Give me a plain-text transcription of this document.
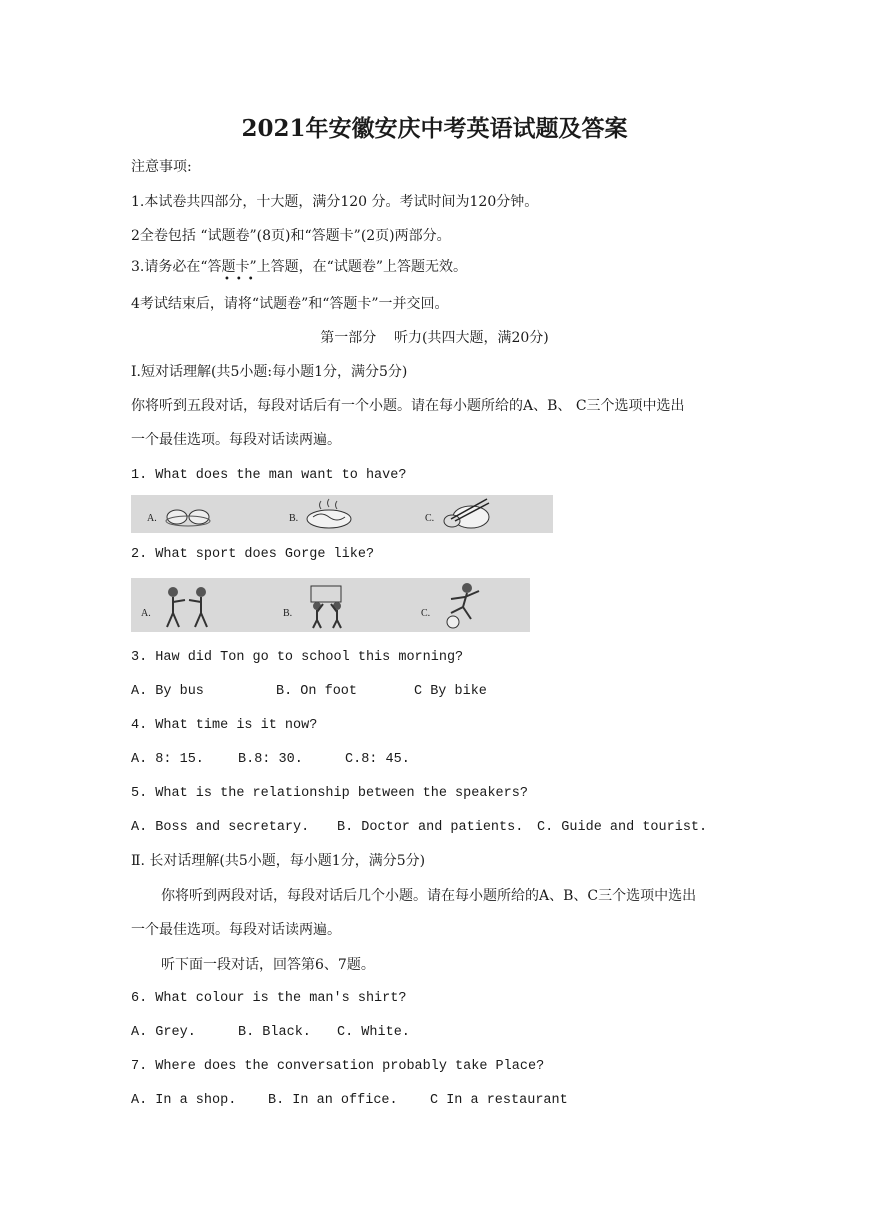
2021年安徽安庆中考英语试题及答案
注意事项:
1.本试卷共四部分，十大题，满分120 分。考试时间为120分钟。
2全卷包括 “试题卷”(8页)和“答题卡”(2页)两部分。
3.请务必在“答题卡”上答题，在“试题卷”上答题无效。
•••
4考试结束后，请将“试题卷”和“答题卡”一并交回。
第一部分    听力(共四大题，满20分)
Ⅰ.短对话理解(共5小题:每小题1分，满分5分)
你将听到五段对话，每段对话后有一个小题。请在每小题所给的A、B、 C三个选项中选出
一个最佳选项。每段对话读两遍。
1. What does the man want to have?
A.	B.	C.
2. What sport does Gorge like?
A.	B.	C.
3. Haw did Ton go to school this morning?
A. By bus	B. On foot	C By bike
4. What time is it now?
A. 8: 15.	B.8: 30.	C.8: 45.
5. What is the relationship between the speakers?
A. Boss and secretary. B. Doctor and patients. C. Guide and tourist.
Ⅱ. 长对话理解(共5小题，每小题1分，满分5分)
你将听到两段对话，每段对话后几个小题。请在每小题所给的A、B、C三个选项中选出
一个最佳选项。每段对话读两遍。
听下面一段对话，回答第6、7题。
6. What colour is the man's shirt?
A. Grey.	B. Black. C. White.
7. Where does the conversation probably take Place?
A. In a shop. B. In an office. C In a restaurant
